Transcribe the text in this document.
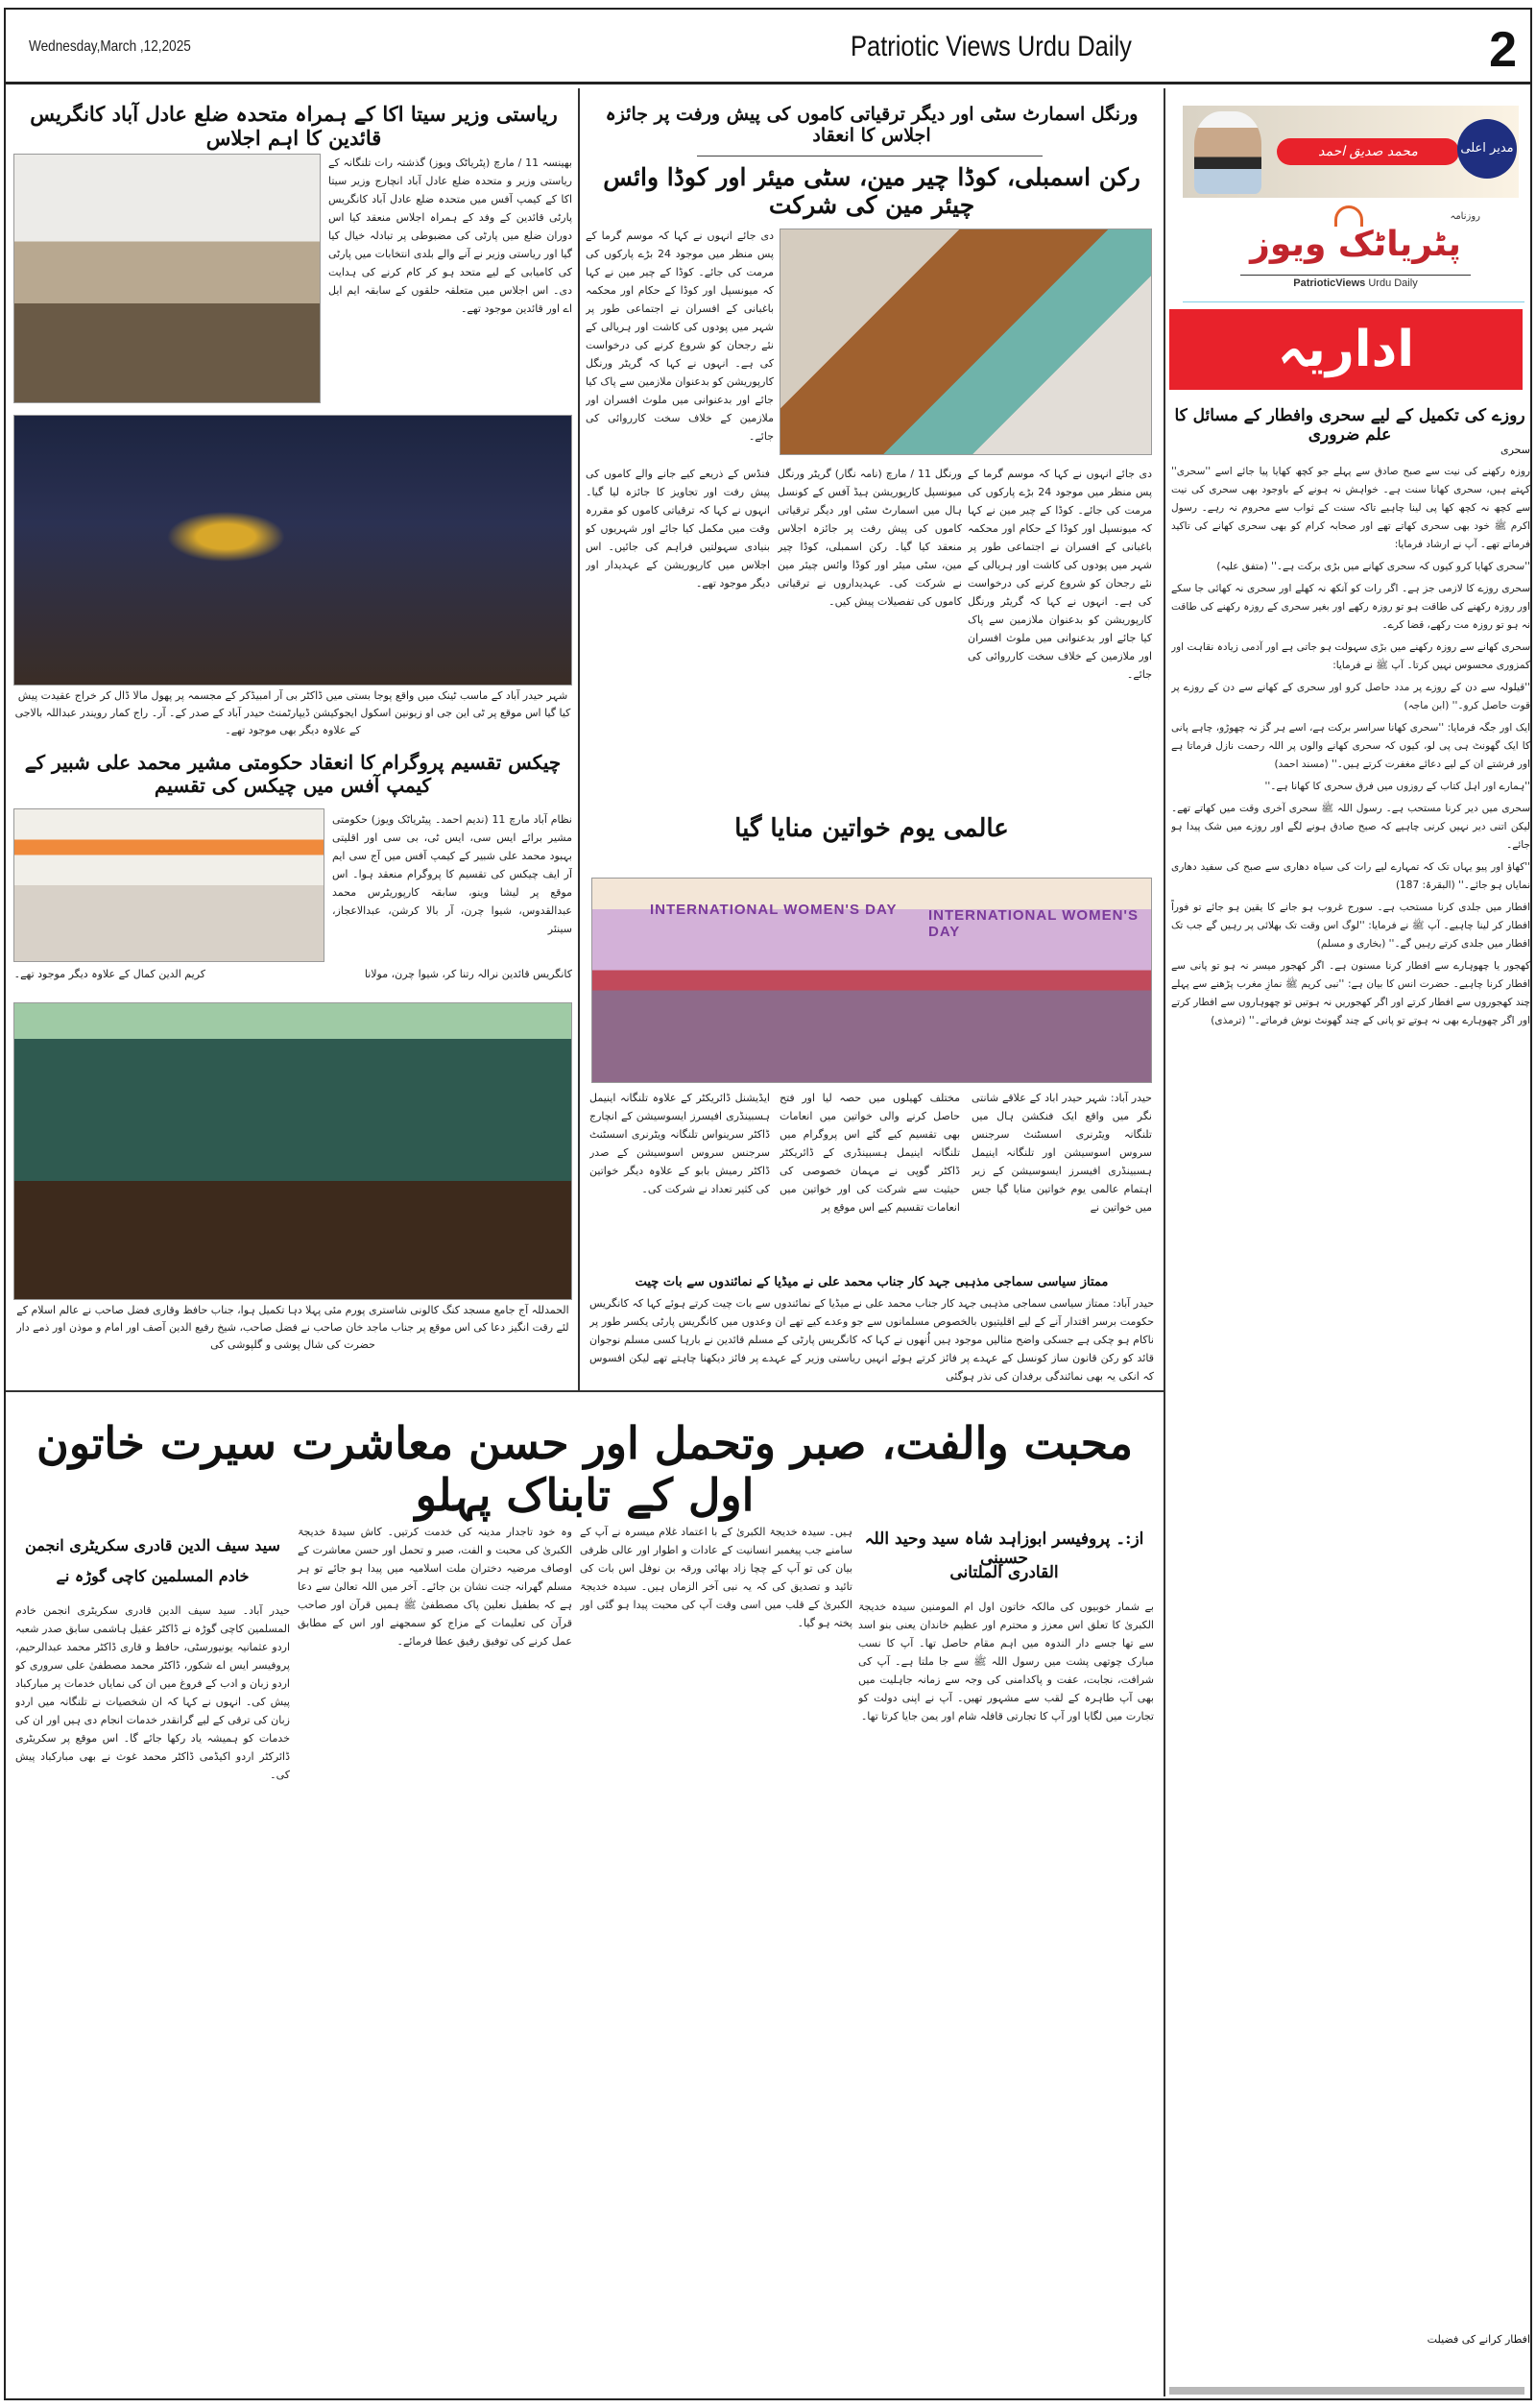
Wednesday,March ,12,2025	Patriotic Views Urdu Daily	2
ریاستی وزیر سیتا اکا کے ہمراہ متحدہ ضلع عادل آباد کانگریس قائدین کا اہم اجلاس
بھینسہ 11 / مارچ (پٹریاٹک ویوز) گذشتہ رات تلنگانہ کے ریاستی وزیر و متحدہ ضلع عادل آباد انچارج وزیر سیتا اکا کے کیمپ آفس میں متحدہ ضلع عادل آباد کانگریس پارٹی قائدین کے وفد کے ہمراہ اجلاس منعقد کیا اس دوران ضلع میں پارٹی کی مضبوطی پر تبادلہ خیال کیا گیا اور ریاستی وزیر نے آنے والے بلدی انتخابات میں پارٹی کی کامیابی کے لیے متحد ہو کر کام کرنے کی ہدایت دی۔ اس اجلاس میں متعلقہ حلقوں کے سابقہ ایم ایل اے اور قائدین موجود تھے۔
شہر حیدر آباد کے ماسب ٹینک میں واقع پوجا بستی میں ڈاکٹر بی آر امبیڈکر کے مجسمہ پر پھول مالا ڈال کر خراج عقیدت پیش کیا گیا اس موقع پر ٹی این جی او زیونین اسکول ایجوکیشن ڈیپارٹمنٹ حیدر آباد کے صدر کے۔ آر۔ راج کمار رویندر عبداللہ بالاجی کے علاوہ دیگر بھی موجود تھے۔
چیکس تقسیم پروگرام کا انعقاد حکومتی مشیر محمد علی شبیر کے کیمپ آفس میں چیکس کی تقسیم
نظام آباد مارچ 11 (ندیم احمد۔ پیٹریاٹک ویوز) حکومتی مشیر برائے ایس سی، ایس ٹی، بی سی اور اقلیتی بہبود محمد علی شبیر کے کیمپ آفس میں آج سی ایم آر ایف چیکس کی تقسیم کا پروگرام منعقد ہوا۔ اس موقع پر لیشا وینو، سابقہ کارپوریٹرس محمد عبدالقدوس، شیوا چرن، آر بالا کرشن، عبدالاعجاز، سینئر
کریم الدین کمال کے علاوہ دیگر موجود تھے۔	کانگریس قائدین نرالہ رتنا کر، شیوا چرن، مولانا
الحمدللہ آج جامع مسجد کنگ کالونی شاستری پورم مئی پہلا دہا تکمیل ہوا، جناب حافظ وقاری فضل صاحب نے عالم اسلام کے لئے رقت انگیز دعا کی اس موقع پر جناب ماجد خان صاحب نے فضل صاحب، شیخ رفیع الدین آصف اور امام و موذن اور ذمے دار حضرت کی شال پوشی و گلپوشی کی
ورنگل اسمارٹ سٹی اور دیگر ترقیاتی کاموں کی پیش ورفت پر جائزہ اجلاس کا انعقاد
رکن اسمبلی، کوڈا چیر مین، سٹی میئر اور کوڈا وائس چیئر مین کی شرکت
دی جائے انہوں نے کہا کہ موسم گرما کے پس منظر میں موجود 24 بڑے پارکوں کی مرمت کی جائے۔ کوڈا کے چیر مین نے کہا کہ میونسپل اور کوڈا کے حکام اور محکمہ باغبانی کے افسران نے اجتماعی طور پر شہر میں پودوں کی کاشت اور ہریالی کے نئے رجحان کو شروع کرنے کی درخواست کی ہے۔ انہوں نے کہا کہ گریٹر ورنگل کارپوریشن کو بدعنوان ملازمین سے پاک کیا جائے اور بدعنوانی میں ملوث افسران اور ملازمین کے خلاف سخت کارروائی کی جائے۔
فنڈس کے ذریعے کیے جانے والے کاموں کی پیش رفت اور تجاویز کا جائزہ لیا گیا۔ انہوں نے کہا کہ ترقیاتی کاموں کو مقررہ وقت میں مکمل کیا جائے اور شہریوں کو بنیادی سہولتیں فراہم کی جائیں۔ اس اجلاس میں کارپوریشن کے عہدیدار اور دیگر موجود تھے۔
ورنگل 11 / مارچ (نامہ نگار) گریٹر ورنگل میونسپل کارپوریشن ہیڈ آفس کے کونسل ہال میں اسمارٹ سٹی اور دیگر ترقیاتی کاموں کی پیش رفت پر جائزہ اجلاس منعقد کیا گیا۔ رکن اسمبلی، کوڈا چیر مین، سٹی میئر اور کوڈا وائس چیئر مین نے شرکت کی۔ عہدیداروں نے ترقیاتی کاموں کی تفصیلات پیش کیں۔
دی جائے انہوں نے کہا کہ موسم گرما کے پس منظر میں موجود 24 بڑے پارکوں کی مرمت کی جائے۔ کوڈا کے چیر مین نے کہا کہ میونسپل اور کوڈا کے حکام اور محکمہ باغبانی کے افسران نے اجتماعی طور پر شہر میں پودوں کی کاشت اور ہریالی کے نئے رجحان کو شروع کرنے کی درخواست کی ہے۔ انہوں نے کہا کہ گریٹر ورنگل کارپوریشن کو بدعنوان ملازمین سے پاک کیا جائے اور بدعنوانی میں ملوث افسران اور ملازمین کے خلاف سخت کارروائی کی جائے۔
عالمی یوم خواتین منایا گیا
INTERNATIONAL WOMEN'S DAY INTERNATIONAL WOMEN'S DAY
حیدر آباد: شہر حیدر اباد کے علاقے شانتی نگر میں واقع ایک فنکشن ہال میں تلنگانہ ویٹرنری اسسٹنٹ سرجنس سروس اسوسیشن اور تلنگانہ اینیمل ہسبینڈری افیسرز ایسوسیشن کے زیر اہتمام عالمی یوم خواتین منایا گیا جس میں خواتین نے
مختلف کھیلوں میں حصہ لیا اور فتح حاصل کرنے والی خواتین میں انعامات بھی تقسیم کیے گئے اس پروگرام میں تلنگانہ اینیمل ہسبینڈری کے ڈائریکٹر ڈاکٹر گوپی نے مہمان خصوصی کی حیثیت سے شرکت کی اور خواتین میں انعامات تقسیم کیے اس موقع پر
ایڈیشنل ڈائریکٹر کے علاوہ تلنگانہ اینیمل ہسبینڈری افیسرز ایسوسیشن کے انچارج ڈاکٹر سرینواس تلنگانہ ویٹرنری اسسٹنٹ سرجنس سروس اسوسیشن کے صدر ڈاکٹر رمیش بابو کے علاوہ دیگر خواتین کی کثیر تعداد نے شرکت کی۔
ممتاز سیاسی سماجی مذہبی جہد کار جناب محمد علی نے میڈیا کے نمائندوں سے بات چیت
حیدر آباد: ممتاز سیاسی سماجی مذہبی جہد کار جناب محمد علی نے میڈیا کے نمائندوں سے بات چیت کرتے ہوئے کہا کہ کانگریس حکومت برسر اقتدار آنے کے لیے اقلیتیوں بالخصوص مسلمانوں سے جو وعدے کیے تھے ان وعدوں میں کانگریس پارٹی یکسر طور پر ناکام ہو چکی ہے جسکی واضح مثالیں موجود ہیں اُنھوں نے کہا کہ کانگریس پارٹی کے مسلم قائدین نے بارہا کسی مسلم نوجوان قائد کو رکن قانون ساز کونسل کے عہدے پر فائز کرتے ہوئے انہیں ریاستی وزیر کے عہدے پر فائز دیکھنا چاہتے تھے لیکن افسوس کہ انکی یہ بھی نمائندگی برفدان کی نذر ہوگئی
محبت والفت، صبر وتحمل اور حسن معاشرت سیرت خاتون اول کے تابناک پہلو
از:۔ پروفیسر ابوزاہد شاہ سید وحید اللہ حسینی
القادری الملتانی
بے شمار خوبیوں کی مالکہ خاتون اول ام المومنین سیدہ خدیجۃ الکبریٰ کا تعلق اس معزز و محترم اور عظیم خاندان یعنی بنو اسد سے تھا جسے دار الندوہ میں اہم مقام حاصل تھا۔ آپ کا نسب مبارک چوتھی پشت میں رسول اللہ ﷺ سے جا ملتا ہے۔ آپ کی شرافت، نجابت، عفت و پاکدامنی کی وجہ سے زمانہ جاہلیت میں بھی آپ طاہرہ کے لقب سے مشہور تھیں۔ آپ نے اپنی دولت کو تجارت میں لگایا اور آپ کا تجارتی قافلہ شام اور یمن جایا کرتا تھا۔
ہیں۔ سیدہ خدیجۃ الکبریٰ کے با اعتماد غلام میسرہ نے آپ کے سامنے جب پیغمبر انسانیت کے عادات و اطوار اور عالی ظرفی بیان کی تو آپ کے چچا زاد بھائی ورقہ بن نوفل اس بات کی تائید و تصدیق کی کہ یہ نبی آخر الزماں ہیں۔ سیدہ خدیجۃ الکبریٰ کے قلب میں اسی وقت آپ کی محبت پیدا ہو گئی اور پختہ ہو گیا۔
وہ خود تاجدار مدینہ کی خدمت کرتیں۔ کاش سیدۃ خدیجۃ الکبریٰ کی محبت و الفت، صبر و تحمل اور حسن معاشرت کے اوصاف مرضیہ دختران ملت اسلامیہ میں پیدا ہو جائے تو ہر مسلم گھرانہ جنت نشان بن جائے۔ آخر میں اللہ تعالیٰ سے دعا ہے کہ بطفیل نعلین پاک مصطفیٰ ﷺ ہمیں قرآن اور صاحب قرآن کی تعلیمات کے مزاج کو سمجھنے اور اس کے مطابق عمل کرنے کی توفیق رفیق عطا فرمائے۔
سید سیف الدین قادری سکریٹری انجمن
خادم المسلمین کاچی گوڑہ نے
حیدر آباد۔ سید سیف الدین قادری سکریٹری انجمن خادم المسلمین کاچی گوڑہ نے ڈاکٹر عقیل ہاشمی سابق صدر شعبہ اردو عثمانیہ یونیورسٹی، حافظ و قاری ڈاکٹر محمد عبدالرحیم، پروفیسر ایس اے شکور، ڈاکٹر محمد مصطفیٰ علی سروری کو اردو زبان و ادب کے فروغ میں ان کی نمایاں خدمات پر مبارکباد پیش کی۔ انہوں نے کہا کہ ان شخصیات نے تلنگانہ میں اردو زبان کی ترقی کے لیے گرانقدر خدمات انجام دی ہیں اور ان کی خدمات کو ہمیشہ یاد رکھا جائے گا۔ اس موقع پر سکریٹری ڈائرکٹر اردو اکیڈمی ڈاکٹر محمد غوث نے بھی مبارکباد پیش کی۔
محمد صدیق احمد	مدیر اعلی
روزنامہ
پٹریاٹک ویوز
PatrioticViews Urdu Daily
اداریہ
روزے کی تکمیل کے لیے سحری وافطار کے مسائل کا علم ضروری
سحری

روزہ رکھنے کی نیت سے صبح صادق سے پہلے جو کچھ کھایا پیا جائے اسے ''سحری'' کہتے ہیں، سحری کھانا سنت ہے۔ خواہش نہ ہونے کے باوجود بھی سحری کی نیت سے کچھ نہ کچھ کھا پی لینا چاہیے تاکہ سنت کے ثواب سے محروم نہ رہے۔ رسول اکرم ﷺ خود بھی سحری کھاتے تھے اور صحابہ کرام کو بھی سحری کھانے کی تاکید فرماتے تھے۔ آپ نے ارشاد فرمایا:

''سحری کھایا کرو کیوں کہ سحری کھانے میں بڑی برکت ہے۔'' (متفق علیہ)

سحری روزے کا لازمی جز ہے۔ اگر رات کو آنکھ نہ کھلے اور سحری نہ کھائی جا سکے اور روزہ رکھنے کی طاقت ہو تو روزہ رکھے اور بغیر سحری کے روزہ رکھنے کی طاقت نہ ہو تو روزہ مت رکھے، قضا کرے۔

سحری کھانے سے روزہ رکھنے میں بڑی سہولت ہو جاتی ہے اور آدمی زیادہ نقاہت اور کمزوری محسوس نہیں کرتا۔ آپ ﷺ نے فرمایا:

''قیلولہ سے دن کے روزے پر مدد حاصل کرو اور سحری کے کھانے سے دن کے روزے پر قوت حاصل کرو۔'' (ابن ماجہ)

ایک اور جگہ فرمایا: ''سحری کھانا سراسر برکت ہے، اسے ہر گز نہ چھوڑو، چاہے پانی کا ایک گھونٹ ہی پی لو، کیوں کہ سحری کھانے والوں پر اللہ رحمت نازل فرماتا ہے اور فرشتے ان کے لیے دعائے مغفرت کرتے ہیں۔'' (مسند احمد)

''ہمارے اور اہل کتاب کے روزوں میں فرق سحری کا کھانا ہے۔''

سحری میں دیر کرنا مستحب ہے۔ رسول اللہ ﷺ سحری آخری وقت میں کھاتے تھے۔ لیکن اتنی دیر نہیں کرنی چاہیے کہ صبح صادق ہونے لگے اور روزے میں شک پیدا ہو جائے۔

''کھاؤ اور پیو یہاں تک کہ تمہارے لیے رات کی سیاہ دھاری سے صبح کی سفید دھاری نمایاں ہو جائے۔'' (البقرۃ: 187)

افطار میں جلدی کرنا مستحب ہے۔ سورج غروب ہو جانے کا یقین ہو جائے تو فوراً افطار کر لینا چاہیے۔ آپ ﷺ نے فرمایا: ''لوگ اس وقت تک بھلائی پر رہیں گے جب تک افطار میں جلدی کرتے رہیں گے۔'' (بخاری و مسلم)

کھجور یا چھوہارے سے افطار کرنا مسنون ہے۔ اگر کھجور میسر نہ ہو تو پانی سے افطار کرنا چاہیے۔ حضرت انس کا بیان ہے: ''نبی کریم ﷺ نمازِ مغرب پڑھنے سے پہلے چند کھجوروں سے افطار کرتے اور اگر کھجوریں نہ ہوتیں تو چھوہاروں سے افطار کرتے اور اگر چھوہارے بھی نہ ہوتے تو پانی کے چند گھونٹ نوش فرماتے۔'' (ترمذی)

افطار کرانے کی فضیلت
